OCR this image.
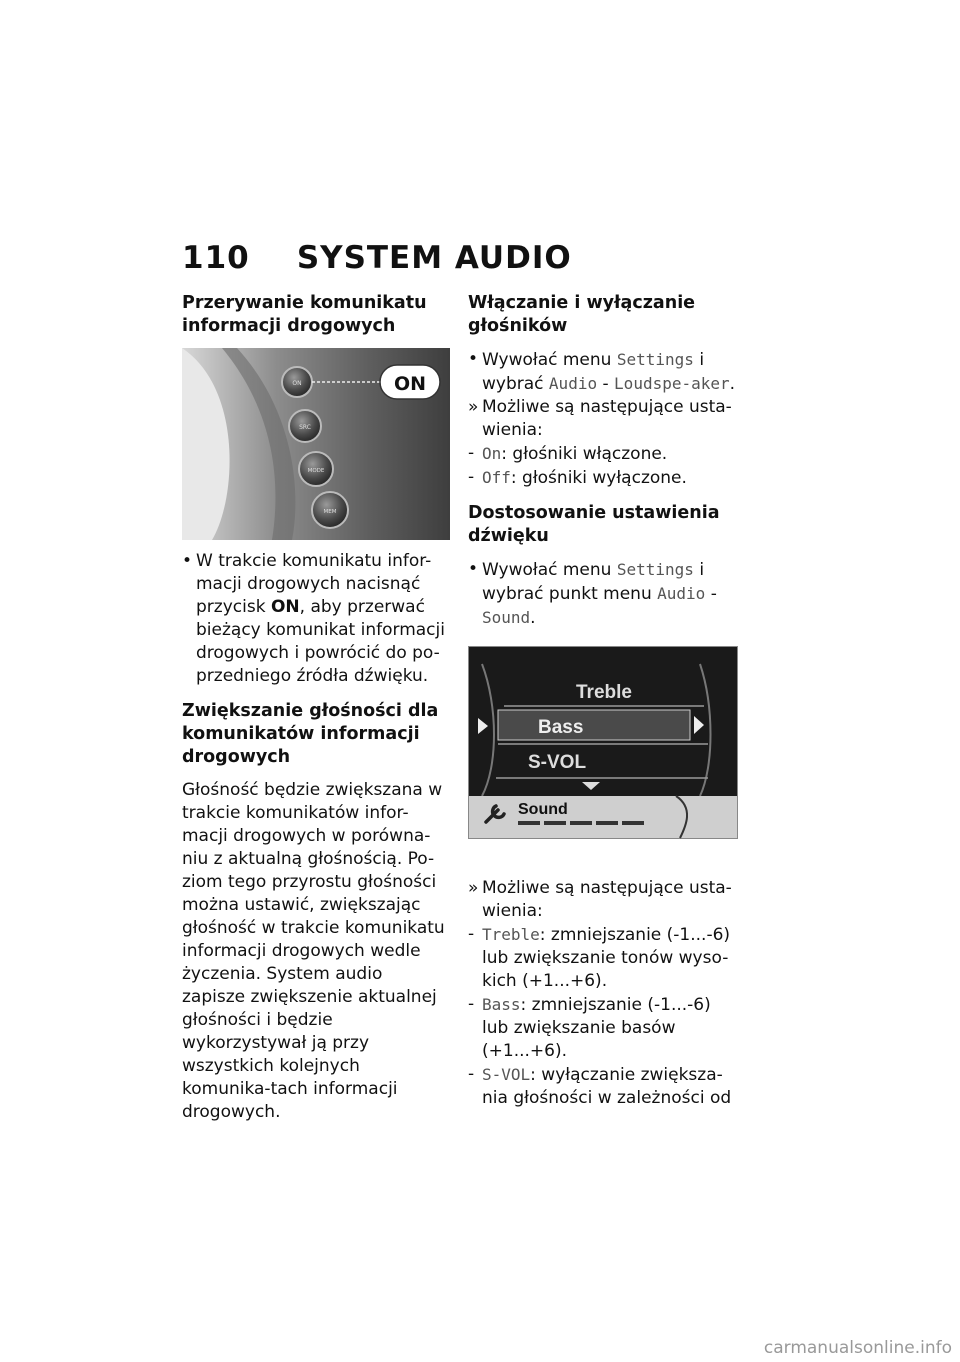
110 SYSTEM AUDIO
Przerywanie komunikatu informacji drogowych
ON
SRC
MODE
MEM
ON
• W trakcie komunikatu infor-macji drogowych nacisnąć przycisk ON, aby przerwać bieżący komunikat informacji drogowych i powrócić do po-przedniego źródła dźwięku.
Zwiększanie głośności dla komunikatów informacji drogowych

Głośność będzie zwiększana w trakcie komunikatów infor-macji drogowych w porówna-niu z aktualną głośnością. Po-ziom tego przyrostu głośności można ustawić, zwiększając głośność w trakcie komunikatu informacji drogowych wedle życzenia. System audio zapisze zwiększenie aktualnej głośności i będzie wykorzystywał ją przy wszystkich kolejnych komunika-tach informacji drogowych.

Włączanie i wyłączanie głośników
• Wywołać menu Settings i wybrać Audio - Loudspe-aker.
» Możliwe są następujące usta-wienia:
- On: głośniki włączone.
- Off: głośniki wyłączone.
Dostosowanie ustawienia dźwięku
• Wywołać menu Settings i wybrać punkt menu Audio - Sound.
Treble
Bass
S-VOL
Sound
» Możliwe są następujące usta-wienia:
- Treble: zmniejszanie (-1...-6) lub zwiększanie tonów wyso-kich (+1...+6).
- Bass: zmniejszanie (-1...-6) lub zwiększanie basów (+1...+6).
- S-VOL: wyłączanie zwiększa-nia głośności w zależności od
carmanualsonline.info
